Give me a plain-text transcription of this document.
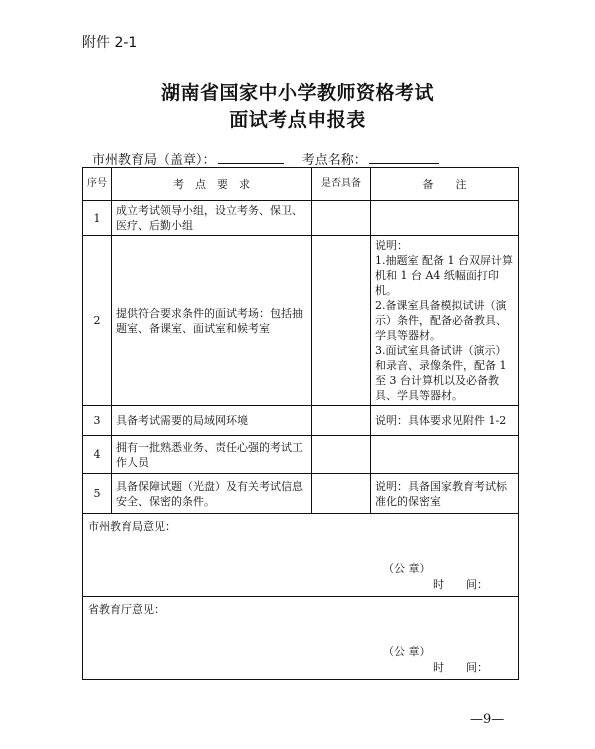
附件 2-1
湖南省国家中小学教师资格考试
面试考点申报表
市州教育局（盖章）：	考点名称：
序号	考　点　要　求	是否具备	备　　注
1	成立考试领导小组，设立考务、保卫、医疗、后勤小组		
2	提供符合要求条件的面试考场：包括抽题室、备课室、面试室和候考室		说明：
1.抽题室 配备 1 台双屏计算机和 1 台 A4 纸幅面打印机。
2.备课室具备模拟试讲（演示）条件，配备必备教具、学具等器材。
3.面试室具备试讲（演示）和录音、录像条件，配备 1 至 3 台计算机以及必备教具、学具等器材。

3	具备考试需要的局域网环境		说明：具体要求见附件 1-2
4	拥有一批熟悉业务、责任心强的考试工作人员		
5	具备保障试题（光盘）及有关考试信息安全、保密的条件。		说明：具备国家教育考试标准化的保密室

市州教育局意见：
（公 章）
时　　间：			

省教育厅意见：
（公 章）
时　　间：			
—9—
